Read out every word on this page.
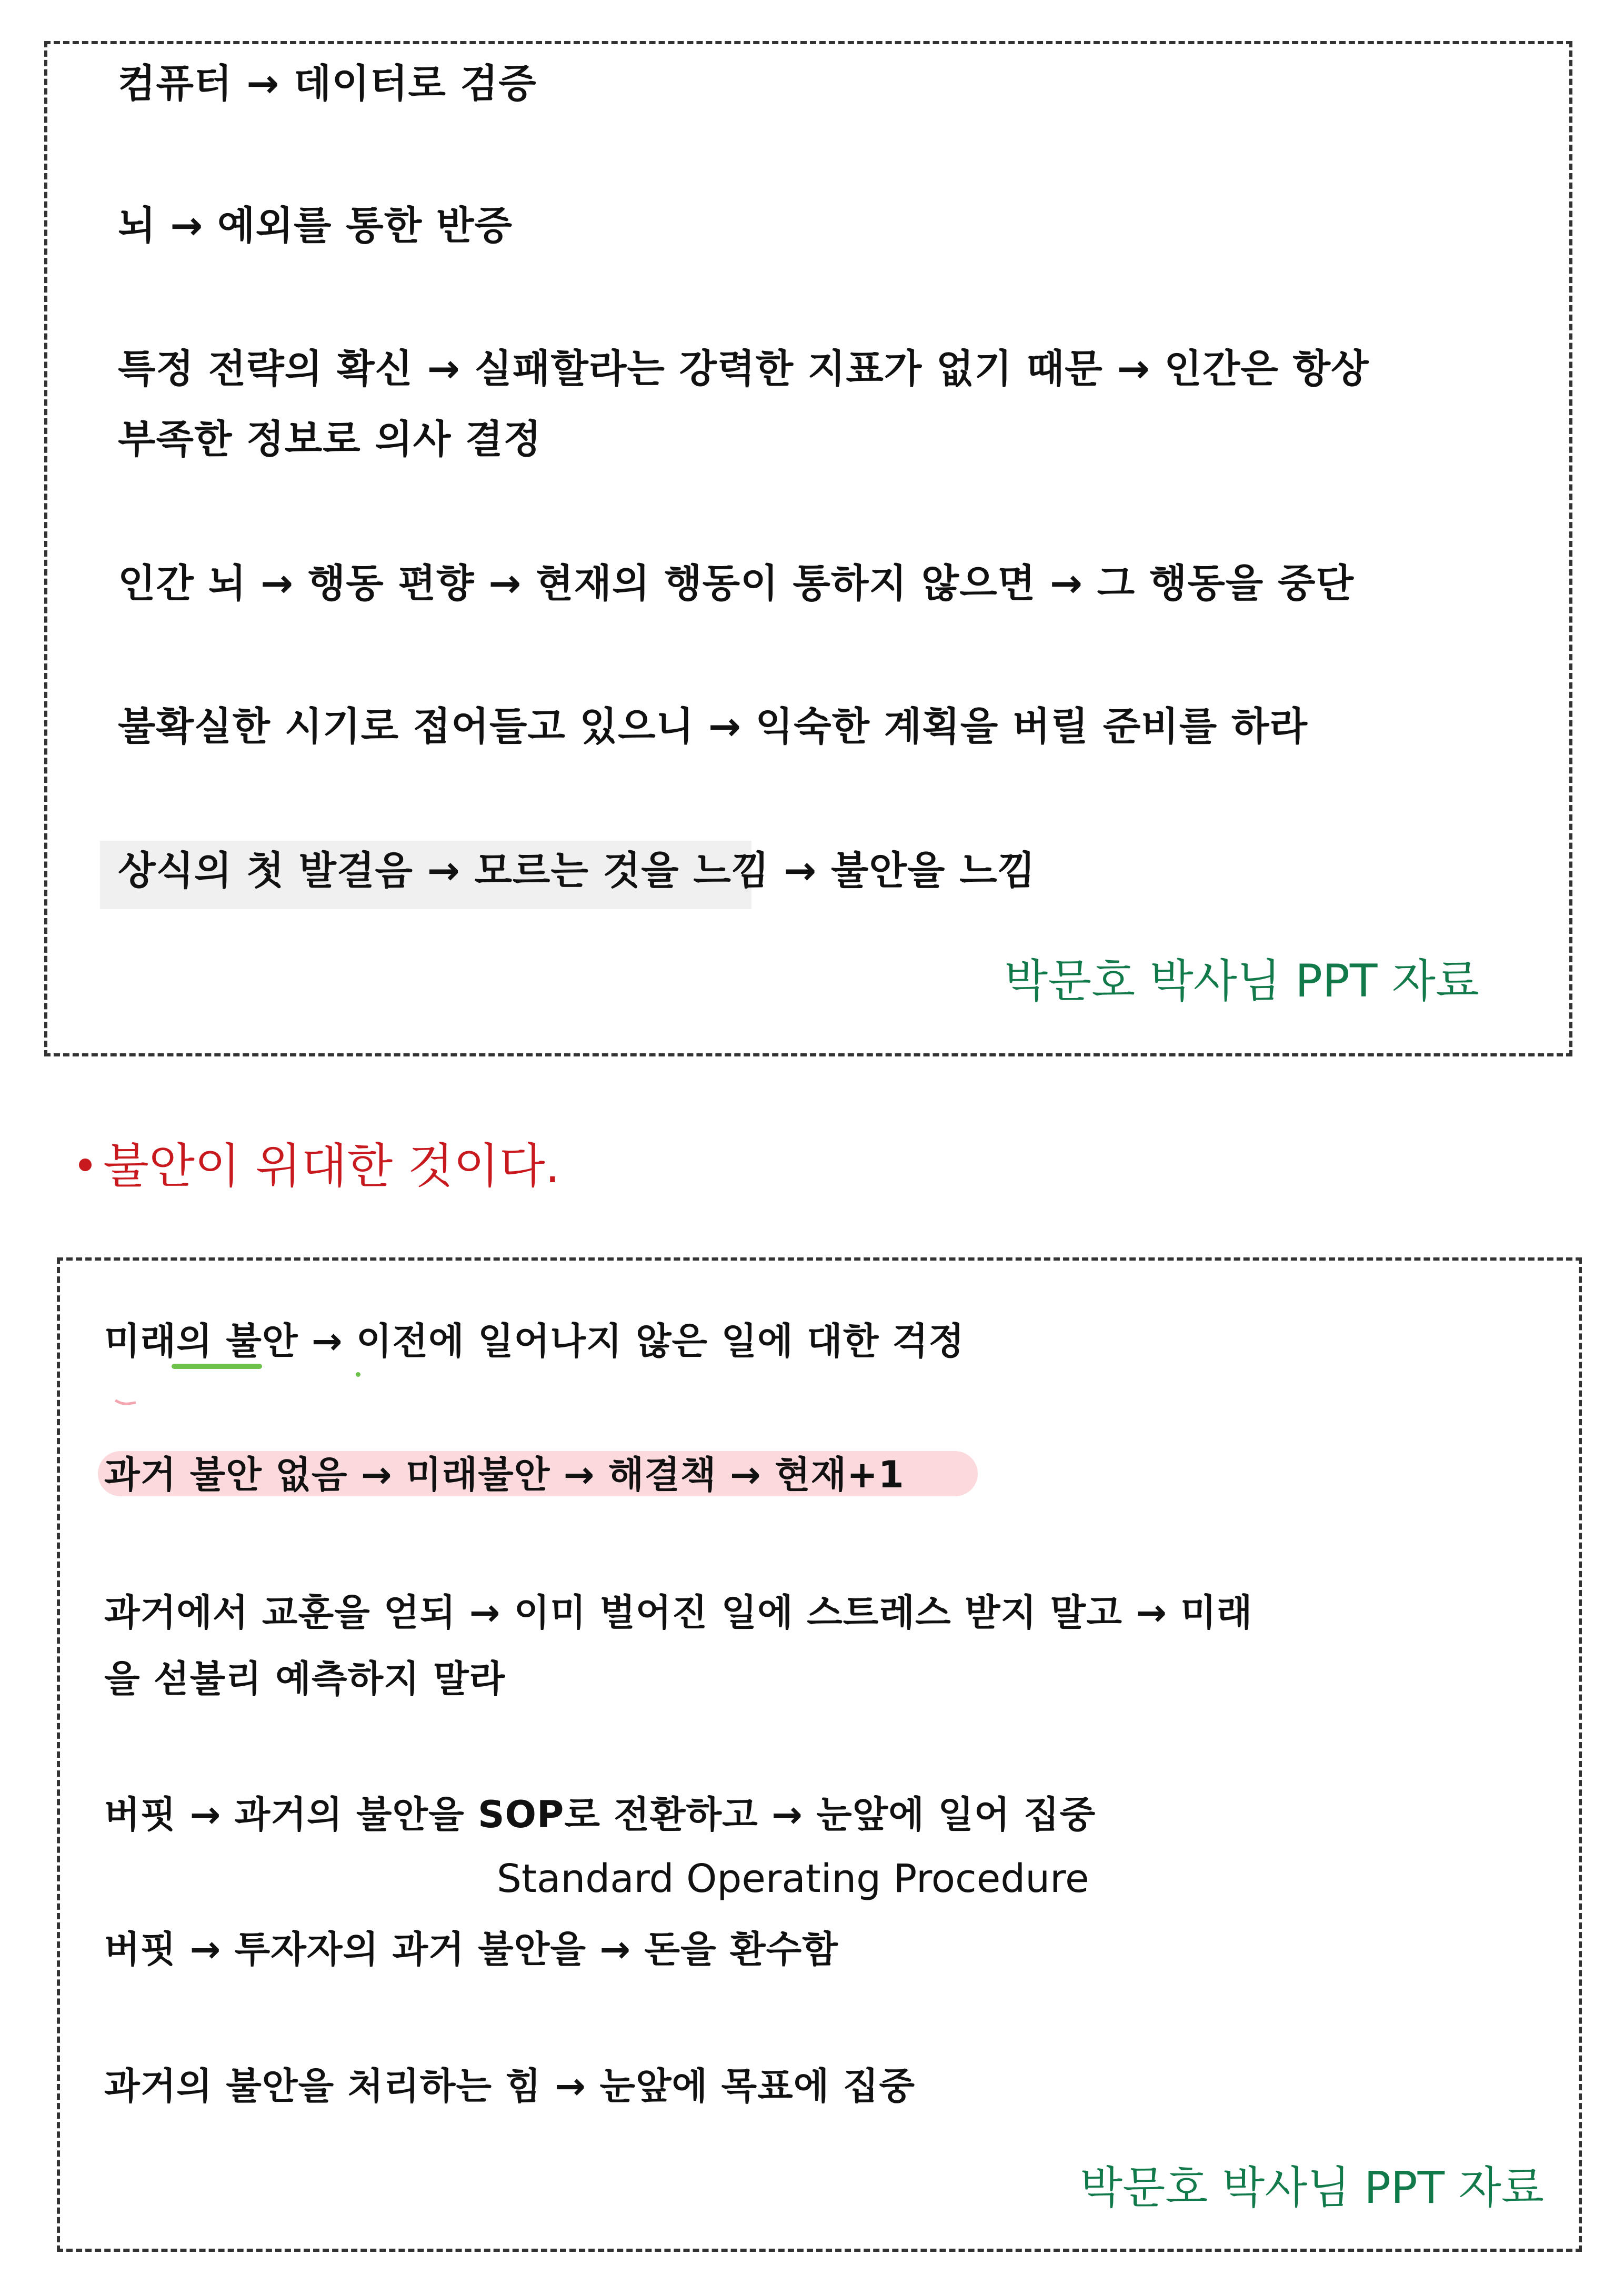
컴퓨터 → 데이터로 검증
뇌 → 예외를 통한 반증
특정 전략의 확신 → 실패할라는 강력한 지표가 없기 때문 → 인간은 항상
부족한 정보로 의사 결정
인간 뇌 → 행동 편향 → 현재의 행동이 통하지 않으면 → 그 행동을 중단
불확실한 시기로 접어들고 있으니 → 익숙한 계획을 버릴 준비를 하라
상식의 첫 발걸음 → 모르는 것을 느낌 → 불안을 느낌
박문호 박사님 PPT 자료
불안이 위대한 것이다.
미래의 불안 → 이전에 일어나지 않은 일에 대한 걱정
과거 불안 없음 → 미래불안 → 해결책 → 현재+1
과거에서 교훈을 얻되 → 이미 벌어진 일에 스트레스 받지 말고 → 미래
을 섣불리 예측하지 말라
버핏 → 과거의 불안을 SOP로 전환하고 → 눈앞에 일어 집중
Standard Operating Procedure
버핏 → 투자자의 과거 불안을 → 돈을 환수함
과거의 불안을 처리하는 힘 → 눈앞에 목표에 집중
박문호 박사님 PPT 자료
